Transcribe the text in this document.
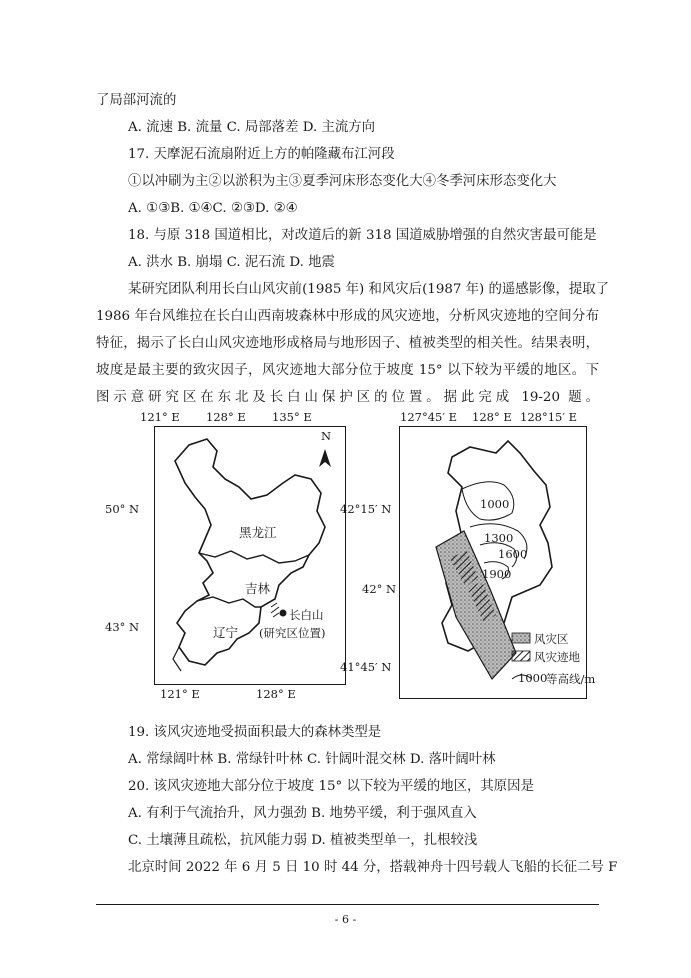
了局部河流的
A. 流速 B. 流量 C. 局部落差 D. 主流方向
17. 天摩泥石流扇附近上方的帕隆藏布江河段
①以冲刷为主②以淤积为主③夏季河床形态变化大④冬季河床形态变化大
A. ①③B. ①④C. ②③D. ②④
18. 与原 318 国道相比，对改道后的新 318 国道威胁增强的自然灾害最可能是
A. 洪水 B. 崩塌 C. 泥石流 D. 地震
某研究团队利用长白山风灾前(1985 年) 和风灾后(1987 年) 的遥感影像，提取了
1986 年台风维拉在长白山西南坡森林中形成的风灾迹地，分析风灾迹地的空间分布
特征，揭示了长白山风灾迹地形成格局与地形因子、植被类型的相关性。结果表明，
坡度是最主要的致灾因子，风灾迹地大部分位于坡度 15° 以下较为平缓的地区。下
图示意研究区在东北及长白山保护区的位置。据此完成 19-20 题。
N
黑龙江
吉林
辽宁
长白山
(研究区位置)
121° E 128° E 135° E
121° E	128° E
50° N
43° N
1000
1300
1600
1900
风灾区
风灾迹地
1000
等高线/m
127°45′ E 128° E 128°15′ E
42°15′ N
42° N
41°45′ N
19. 该风灾迹地受损面积最大的森林类型是
A. 常绿阔叶林 B. 常绿针叶林 C. 针阔叶混交林 D. 落叶阔叶林
20. 该风灾迹地大部分位于坡度 15° 以下较为平缓的地区，其原因是
A. 有利于气流抬升，风力强劲 B. 地势平缓，利于强风直入
C. 土壤薄且疏松，抗风能力弱 D. 植被类型单一，扎根较浅
北京时间 2022 年 6 月 5 日 10 时 44 分，搭载神舟十四号载人飞船的长征二号 F
- 6 -
